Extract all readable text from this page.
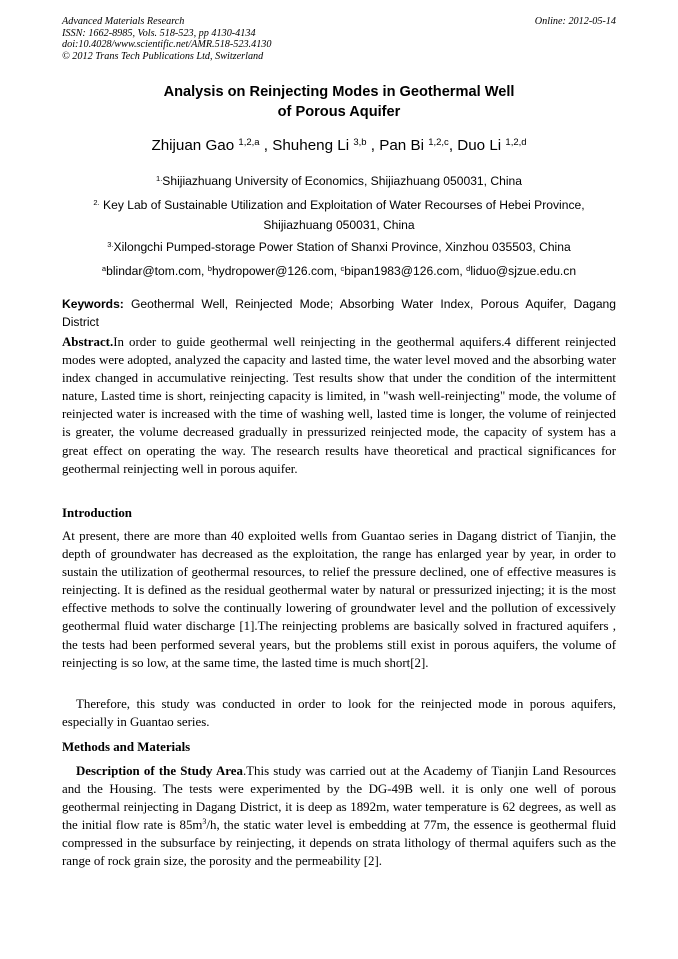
Advanced Materials Research	Online: 2012-05-14
ISSN: 1662-8985, Vols. 518-523, pp 4130-4134
doi:10.4028/www.scientific.net/AMR.518-523.4130
© 2012 Trans Tech Publications Ltd, Switzerland
Analysis on Reinjecting Modes in Geothermal Well
of Porous Aquifer
Zhijuan Gao $^{1,2,a}$ , Shuheng Li $^{3,b}$ , Pan Bi $^{1,2,c}$, Duo Li $^{1,2,d}$
$^{1.}$Shijiazhuang University of Economics, Shijiazhuang 050031, China
$^{2.}$ Key Lab of Sustainable Utilization and Exploitation of Water Recourses of Hebei Province,
Shijiazhuang 050031, China
$^{3.}$Xilongchi Pumped-storage Power Station of Shanxi Province, Xinzhou 035503, China
$^a$blindar@tom.com, $^b$hydropower@126.com, $^c$bipan1983@126.com, $^d$liduo@sjzue.edu.cn
Keywords: Geothermal Well, Reinjected Mode; Absorbing Water Index, Porous Aquifer, Dagang District
Abstract.In order to guide geothermal well reinjecting in the geothermal aquifers.4 different reinjected modes were adopted, analyzed the capacity and lasted time, the water level moved and the absorbing water index changed in accumulative reinjecting. Test results show that under the condition of the intermittent nature, Lasted time is short, reinjecting capacity is limited, in "wash well-reinjecting" mode, the volume of reinjected water is increased with the time of washing well, lasted time is longer, the volume of reinjected is greater, the volume decreased gradually in pressurized reinjected mode, the capacity of system has a great effect on operating the way. The research results have theoretical and practical significances for geothermal reinjecting well in porous aquifer.
Introduction
At present, there are more than 40 exploited wells from Guantao series in Dagang district of Tianjin, the depth of groundwater has decreased as the exploitation, the range has enlarged year by year, in order to sustain the utilization of geothermal resources, to relief the pressure declined, one of effective measures is reinjecting. It is defined as the residual geothermal water by natural or pressurized injecting; it is the most effective methods to solve the continually lowering of groundwater level and the pollution of excessively geothermal fluid water discharge [1].The reinjecting problems are basically solved in fractured aquifers , the tests had been performed several years, but the problems still exist in porous aquifers, the volume of reinjecting is so low, at the same time, the lasted time is much short[2].
Therefore, this study was conducted in order to look for the reinjected mode in porous aquifers, especially in Guantao series.
Methods and Materials
Description of the Study Area.This study was carried out at the Academy of Tianjin Land Resources and the Housing. The tests were experimented by the DG-49B well. it is only one well of porous geothermal reinjecting in Dagang District, it is deep as 1892m, water temperature is 62 degrees, as well as the initial flow rate is $85m^3/h$, the static water level is embedding at 77m, the essence is geothermal fluid compressed in the subsurface by reinjecting, it depends on strata lithology of thermal aquifers such as the range of rock grain size, the porosity and the permeability [2].
